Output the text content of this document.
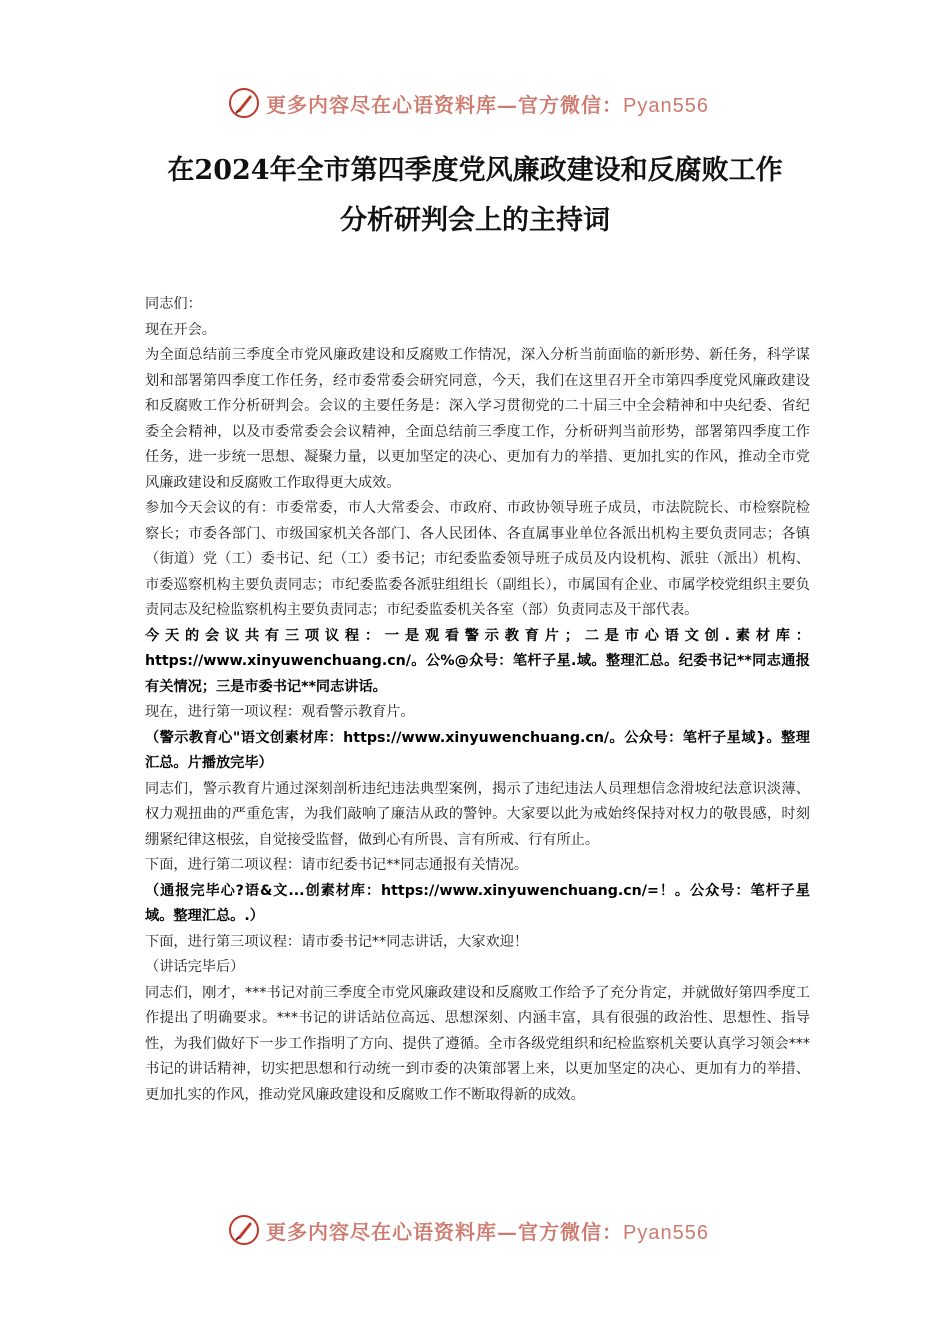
更多内容尽在心语资料库—官方微信：Pyan556
在2024年全市第四季度党风廉政建设和反腐败工作
分析研判会上的主持词

同志们：

现在开会。

为全面总结前三季度全市党风廉政建设和反腐败工作情况，深入分析当前面临的新形势、新任务，科学谋划和部署第四季度工作任务，经市委常委会研究同意，今天，我们在这里召开全市第四季度党风廉政建设和反腐败工作分析研判会。会议的主要任务是：深入学习贯彻党的二十届三中全会精神和中央纪委、省纪委全会精神，以及市委常委会会议精神，全面总结前三季度工作，分析研判当前形势，部署第四季度工作任务，进一步统一思想、凝聚力量，以更加坚定的决心、更加有力的举措、更加扎实的作风，推动全市党风廉政建设和反腐败工作取得更大成效。

参加今天会议的有：市委常委，市人大常委会、市政府、市政协领导班子成员，市法院院长、市检察院检察长；市委各部门、市级国家机关各部门、各人民团体、各直属事业单位各派出机构主要负责同志；各镇（街道）党（工）委书记、纪（工）委书记；市纪委监委领导班子成员及内设机构、派驻（派出）机构、市委巡察机构主要负责同志；市纪委监委各派驻组组长（副组长），市属国有企业、市属学校党组织主要负责同志及纪检监察机构主要负责同志；市纪委监委机关各室（部）负责同志及干部代表。

今天的会议共有三项议程：一是观看警示教育片；二是市心语文创.素材库：https://www.xinyuwenchuang.cn/。公%@众号：笔杆子星.域。整理汇总。纪委书记**同志通报有关情况；三是市委书记**同志讲话。

现在，进行第一项议程：观看警示教育片。

（警示教育心"语文创素材库：https://www.xinyuwenchuang.cn/。公众号：笔杆子星域}。整理汇总。片播放完毕）

同志们，警示教育片通过深刻剖析违纪违法典型案例，揭示了违纪违法人员理想信念滑坡纪法意识淡薄、权力观扭曲的严重危害，为我们敲响了廉洁从政的警钟。大家要以此为戒始终保持对权力的敬畏感，时刻绷紧纪律这根弦，自觉接受监督，做到心有所畏、言有所戒、行有所止。

下面，进行第二项议程：请市纪委书记**同志通报有关情况。

（通报完毕心?语&文...创素材库：https://www.xinyuwenchuang.cn/=！。公众号：笔杆子星域。整理汇总。.）

下面，进行第三项议程：请市委书记**同志讲话，大家欢迎！

（讲话完毕后）

同志们，刚才，***书记对前三季度全市党风廉政建设和反腐败工作给予了充分肯定，并就做好第四季度工作提出了明确要求。***书记的讲话站位高远、思想深刻、内涵丰富，具有很强的政治性、思想性、指导性，为我们做好下一步工作指明了方向、提供了遵循。全市各级党组织和纪检监察机关要认真学习领会***书记的讲话精神，切实把思想和行动统一到市委的决策部署上来，以更加坚定的决心、更加有力的举措、更加扎实的作风，推动党风廉政建设和反腐败工作不断取得新的成效。

更多内容尽在心语资料库—官方微信：Pyan556
